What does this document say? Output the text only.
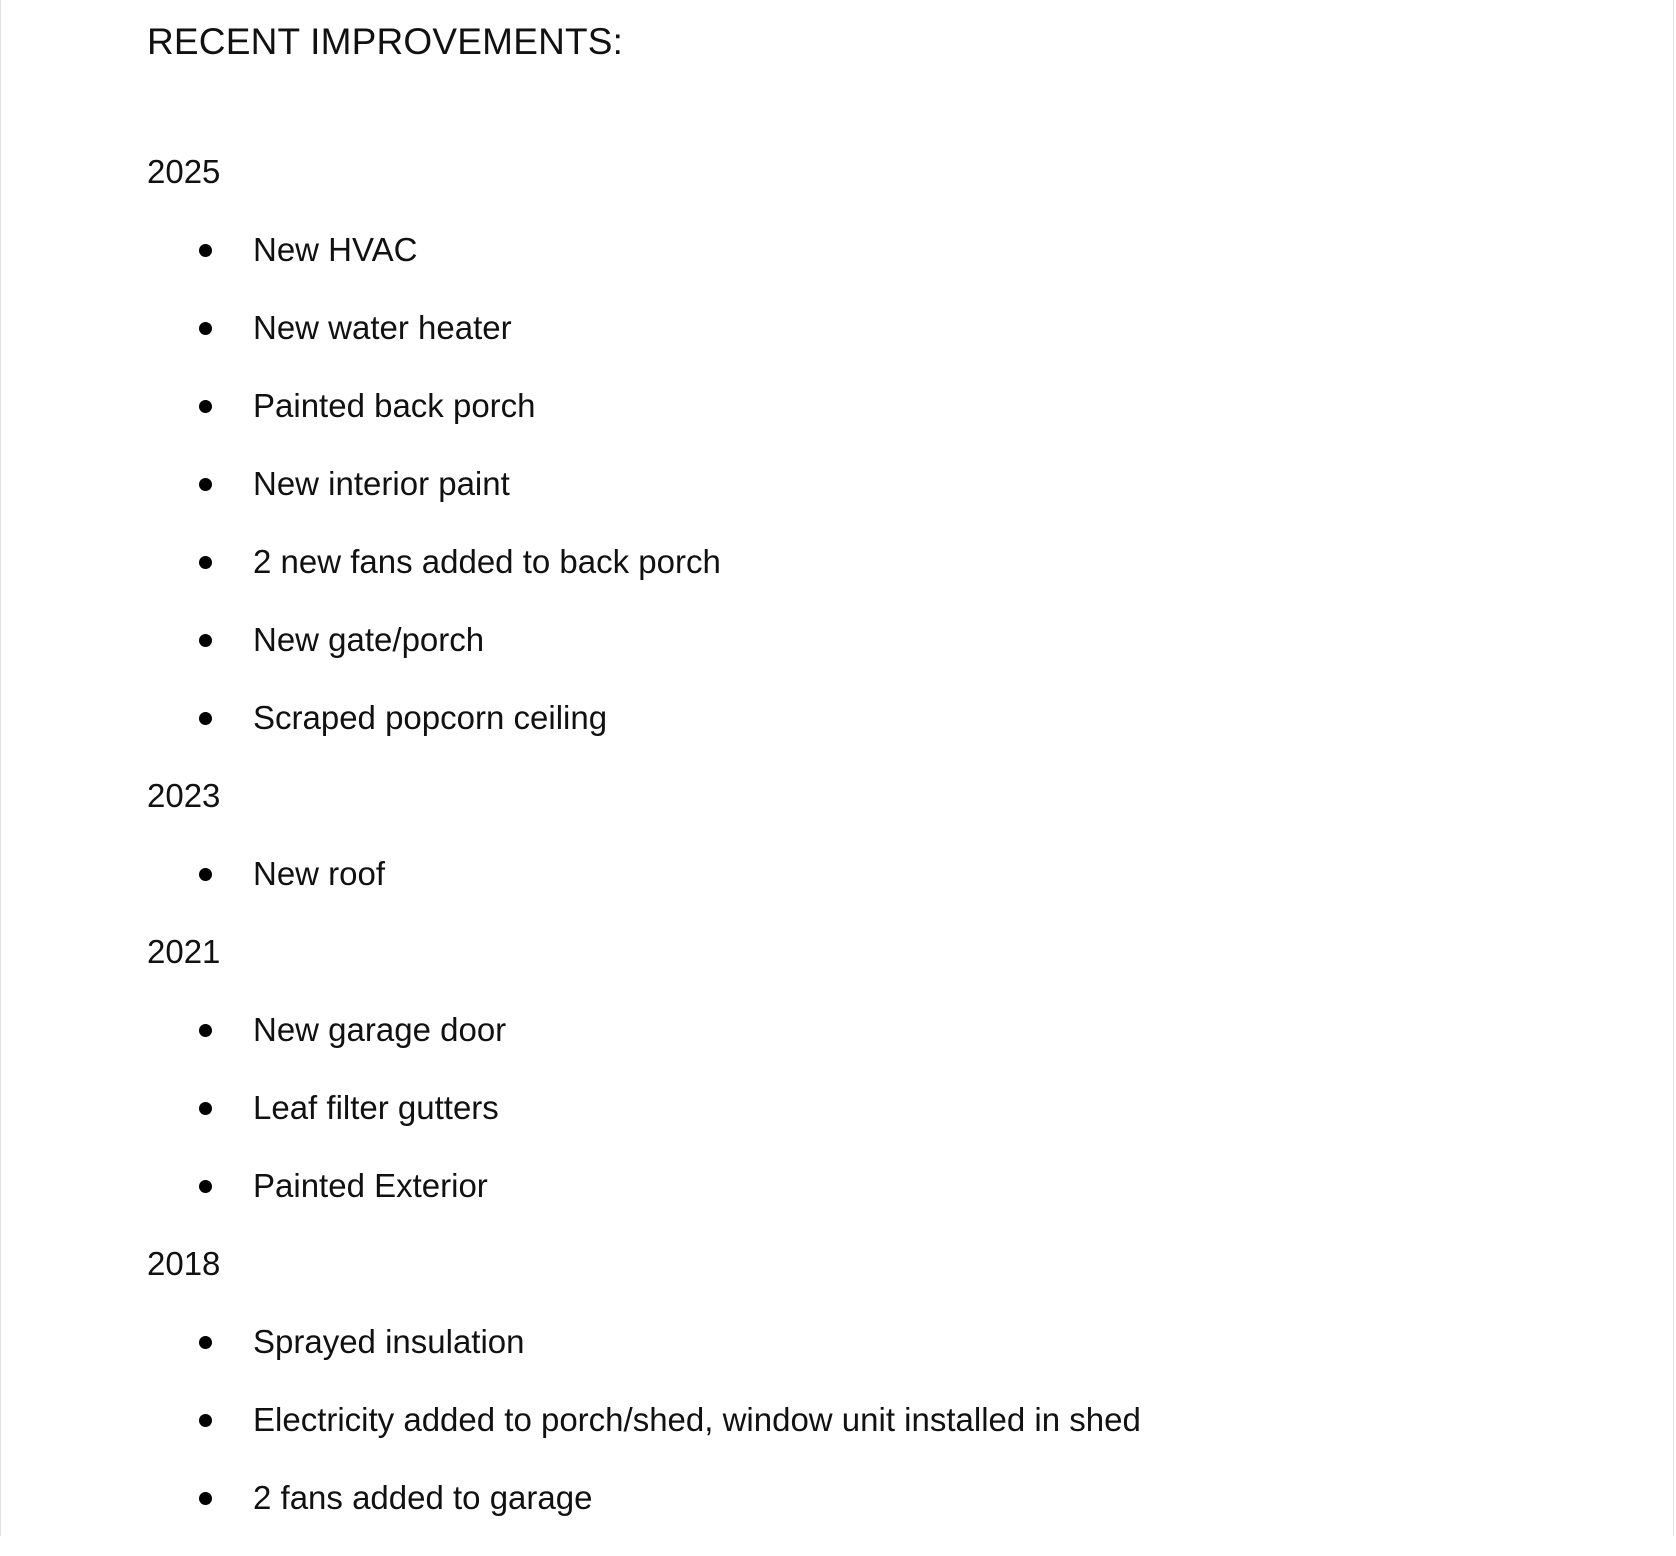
RECENT IMPROVEMENTS:

2025

New HVAC
New water heater
Painted back porch
New interior paint
2 new fans added to back porch
New gate/porch
Scraped popcorn ceiling

2023

New roof

2021

New garage door
Leaf filter gutters
Painted Exterior

2018

Sprayed insulation
Electricity added to porch/shed, window unit installed in shed
2 fans added to garage
